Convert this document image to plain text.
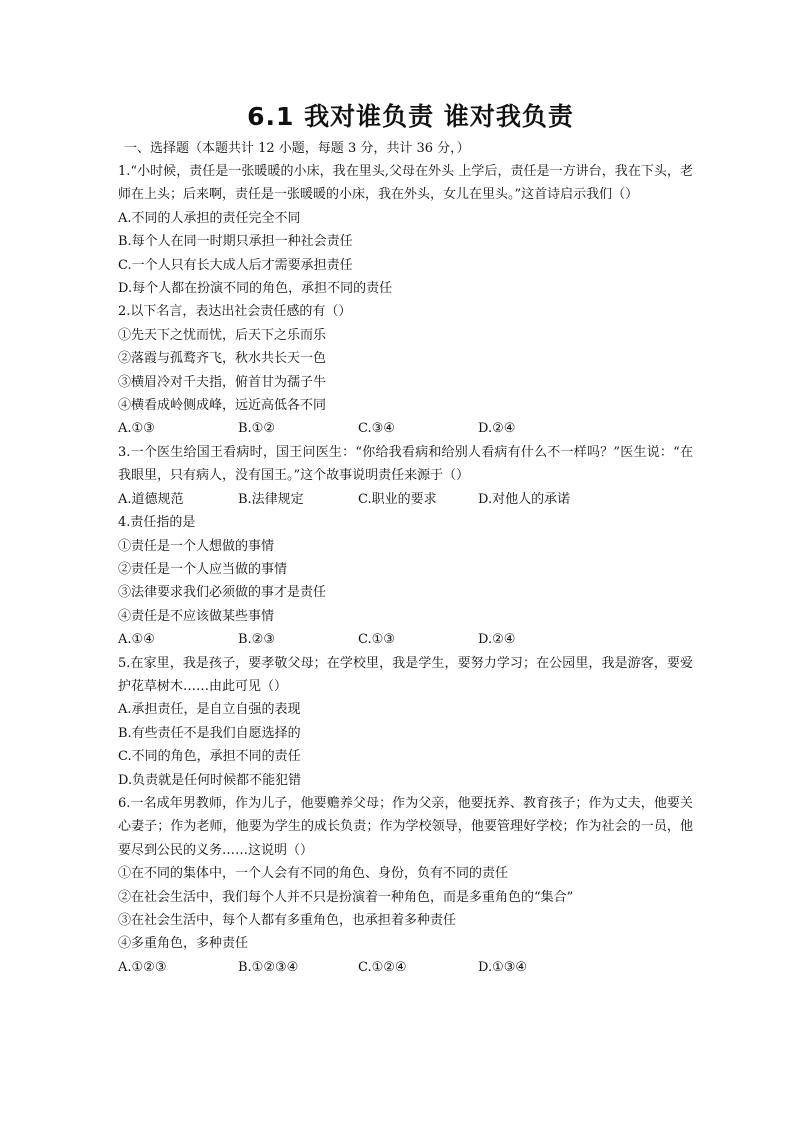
6.1 我对谁负责 谁对我负责
一、选择题（本题共计 12 小题，每题 3 分，共计 36 分，）
1.“小时候，责任是一张暖暖的小床，我在里头,父母在外头 上学后，责任是一方讲台，我在下头，老师在上头；后来啊，责任是一张暖暖的小床，我在外头，女儿在里头。”这首诗启示我们（）
A.不同的人承担的责任完全不同
B.每个人在同一时期只承担一种社会责任
C.一个人只有长大成人后才需要承担责任
D.每个人都在扮演不同的角色，承担不同的责任
2.以下名言，表达出社会责任感的有（）
①先天下之忧而忧，后天下之乐而乐
②落霞与孤鹜齐飞，秋水共长天一色
③横眉冷对千夫指，俯首甘为孺子牛
④横看成岭侧成峰，远近高低各不同
A.①③	B.①②	C.③④	D.②④
3.一个医生给国王看病时，国王问医生：“你给我看病和给别人看病有什么不一样吗？”医生说：“在我眼里，只有病人，没有国王。”这个故事说明责任来源于（）
A.道德规范	B.法律规定	C.职业的要求	D.对他人的承诺
4.责任指的是
①责任是一个人想做的事情
②责任是一个人应当做的事情
③法律要求我们必须做的事才是责任
④责任是不应该做某些事情
A.①④	B.②③	C.①③	D.②④
5.在家里，我是孩子，要孝敬父母；在学校里，我是学生，要努力学习；在公园里，我是游客，要爱护花草树木……由此可见（）
A.承担责任，是自立自强的表现
B.有些责任不是我们自愿选择的
C.不同的角色，承担不同的责任
D.负责就是任何时候都不能犯错
6.一名成年男教师，作为儿子，他要赡养父母；作为父亲，他要抚养、教育孩子；作为丈夫，他要关心妻子；作为老师，他要为学生的成长负责；作为学校领导，他要管理好学校；作为社会的一员，他要尽到公民的义务……这说明（）
①在不同的集体中，一个人会有不同的角色、身份，负有不同的责任
②在社会生活中，我们每个人并不只是扮演着一种角色，而是多重角色的“集合”
③在社会生活中，每个人都有多重角色，也承担着多种责任
④多重角色，多种责任
A.①②③	B.①②③④	C.①②④	D.①③④
